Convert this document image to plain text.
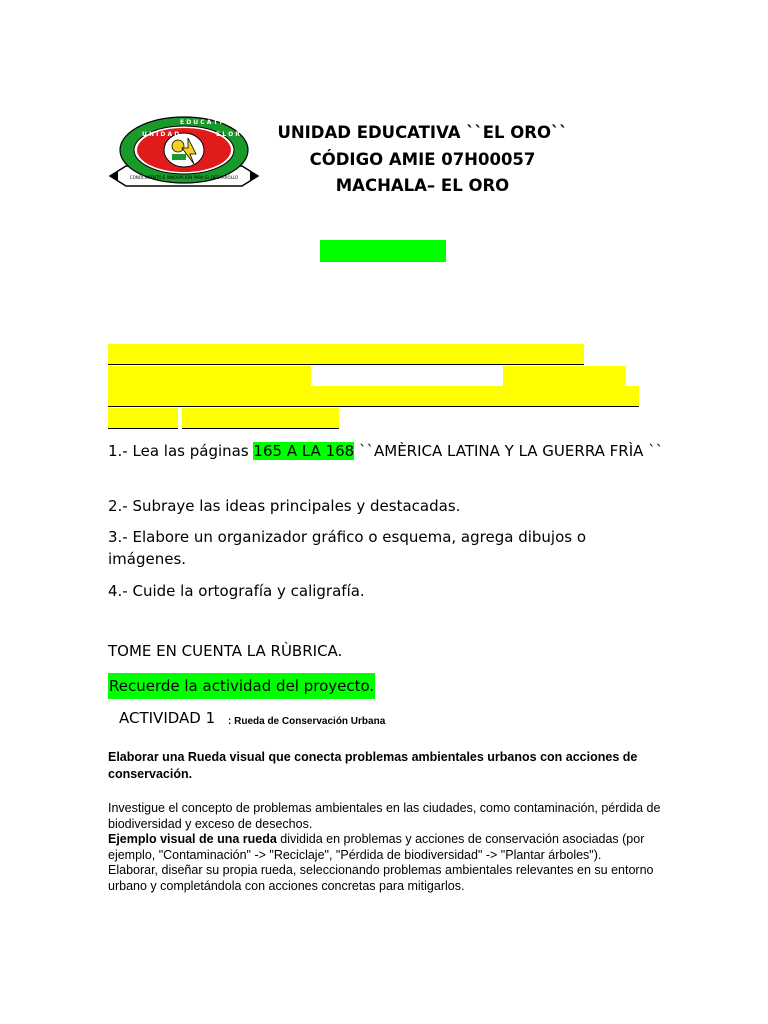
U N I D A D
E D U C A T I V A
E L O R O
CONOCIMIENTO E INNOVACIÓN PARA EL DESARROLLO
UNIDAD EDUCATIVA ``EL ORO``
CÓDIGO AMIE 07H00057
MACHALA– EL ORO
1.- Lea las páginas 165 A LA 168 ``AMÈRICA LATINA Y LA GUERRA FRÌA ``
2.- Subraye las ideas principales y destacadas.
3.- Elabore un organizador gráfico o esquema, agrega dibujos o imágenes.
4.- Cuide la ortografía y caligrafía.
TOME EN CUENTA LA RÙBRICA.
Recuerde la actividad del proyecto.
ACTIVIDAD 1 : Rueda de Conservación Urbana
Elaborar una Rueda visual que conecta problemas ambientales urbanos con acciones de conservación.
Investigue el concepto de problemas ambientales en las ciudades, como contaminación, pérdida de biodiversidad y exceso de desechos.
Ejemplo visual de una rueda dividida en problemas y acciones de conservación asociadas (por ejemplo, "Contaminación" -> "Reciclaje", "Pérdida de biodiversidad" -> "Plantar árboles").
Elaborar, diseñar su propia rueda, seleccionando problemas ambientales relevantes en su entorno urbano y completándola con acciones concretas para mitigarlos.
